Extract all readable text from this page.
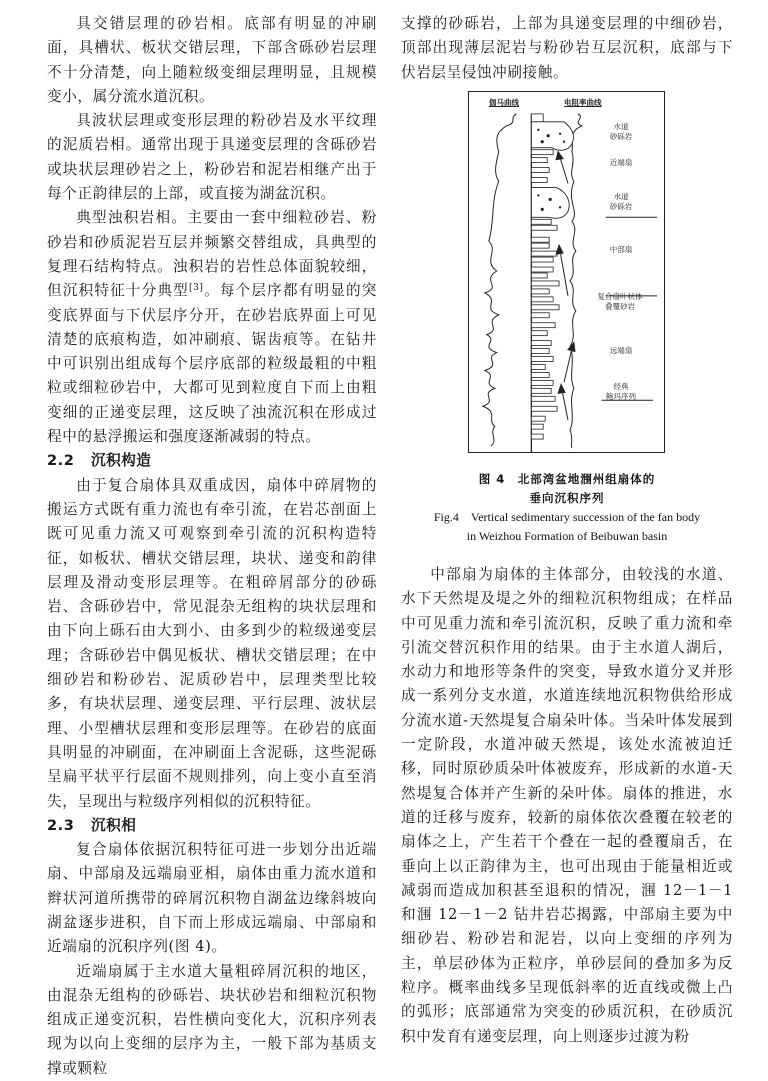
具交错层理的砂岩相。底部有明显的冲刷面，具槽状、板状交错层理，下部含砾砂岩层理不十分清楚，向上随粒级变细层理明显，且规模变小，属分流水道沉积。

具波状层理或变形层理的粉砂岩及水平纹理的泥质岩相。通常出现于具递变层理的含砾砂岩或块状层理砂岩之上，粉砂岩和泥岩相继产出于每个正韵律层的上部，或直接为湖盆沉积。

典型浊积岩相。主要由一套中细粒砂岩、粉砂岩和砂质泥岩互层并频繁交替组成，具典型的复理石结构特点。浊积岩的岩性总体面貌较细，但沉积特征十分典型[3]。每个层序都有明显的突变底界面与下伏层序分开，在砂岩底界面上可见清楚的底痕构造，如冲刷痕、锯齿痕等。在钻井中可识别出组成每个层序底部的粒级最粗的中粗粒或细粒砂岩中，大都可见到粒度自下而上由粗变细的正递变层理，这反映了浊流沉积在形成过程中的悬浮搬运和强度逐渐减弱的特点。

2.2 沉积构造

由于复合扇体具双重成因，扇体中碎屑物的搬运方式既有重力流也有牵引流，在岩芯剖面上既可见重力流又可观察到牵引流的沉积构造特征，如板状、槽状交错层理，块状、递变和韵律层理及滑动变形层理等。在粗碎屑部分的砂砾岩、含砾砂岩中，常见混杂无组构的块状层理和由下向上砾石由大到小、由多到少的粒级递变层理；含砾砂岩中偶见板状、槽状交错层理；在中细砂岩和粉砂岩、泥质砂岩中，层理类型比较多，有块状层理、递变层理、平行层理、波状层理、小型槽状层理和变形层理等。在砂岩的底面具明显的冲刷面，在冲刷面上含泥砾，这些泥砾呈扁平状平行层面不规则排列，向上变小直至消失，呈现出与粒级序列相似的沉积特征。

2.3 沉积相

复合扇体依据沉积特征可进一步划分出近端扇、中部扇及远端扇亚相，扇体由重力流水道和辫状河道所携带的碎屑沉积物自湖盆边缘斜坡向湖盆逐步进积，自下而上形成远端扇、中部扇和近端扇的沉积序列(图 4)。

近端扇属于主水道大量粗碎屑沉积的地区，由混杂无组构的砂砾岩、块状砂岩和细粒沉积物组成正递变沉积，岩性横向变化大，沉积序列表现为以向上变细的层序为主，一般下部为基质支撑或颗粒

支撑的砂砾岩，上部为具递变层理的中细砂岩，顶部出现薄层泥岩与粉砂岩互层沉积，底部与下伏岩层呈侵蚀冲刷接触。

伽马曲线	电阻率曲线
水道
砂砾岩
近端扇
水道
砂砾岩
中部扇
复合扇叶状体
叠覆砂岩
远端扇
经典
鲍玛序列
图 4　北部湾盆地涠州组扇体的
垂向沉积序列
Fig.4　Vertical sedimentary succession of the fan body
in Weizhou Formation of Beibuwan basin

中部扇为扇体的主体部分，由较浅的水道、水下天然堤及堤之外的细粒沉积物组成；在样品中可见重力流和牵引流沉积，反映了重力流和牵引流交替沉积作用的结果。由于主水道人湖后，水动力和地形等条件的突变，导致水道分叉并形成一系列分支水道，水道连续地沉积物供给形成分流水道-天然堤复合扇朵叶体。当朵叶体发展到一定阶段，水道冲破天然堤，该处水流被迫迁移，同时原砂质朵叶体被废弃，形成新的水道-天然堤复合体并产生新的朵叶体。扇体的推进，水道的迁移与废弃，较新的扇体依次叠覆在较老的扇体之上，产生若干个叠在一起的叠覆扇舌，在垂向上以正韵律为主，也可出现由于能量相近或减弱而造成加积甚至退积的情况，涠 12－1－1 和涠 12－1－2 钻井岩芯揭露，中部扇主要为中细砂岩、粉砂岩和泥岩，以向上变细的序列为主，单层砂体为正粒序，单砂层间的叠加多为反粒序。概率曲线多呈现低斜率的近直线或微上凸的弧形；底部通常为突变的砂质沉积，在砂质沉积中发育有递变层理，向上则逐步过渡为粉
